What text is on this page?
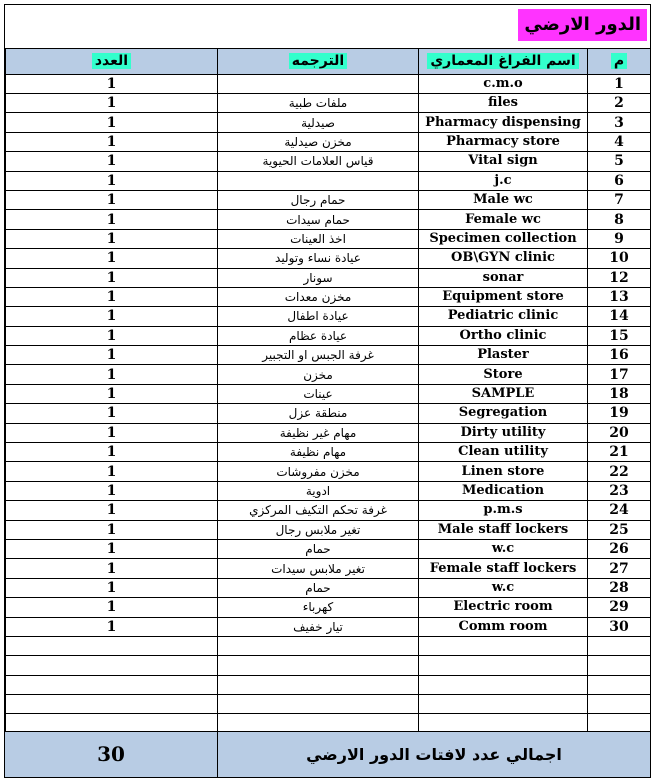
الدور الارضي
العدد	الترجمه	اسم الفراغ المعماري	م
1		c.m.o	1
1	ملفات طبية	files	2
1	صيدلية	Pharmacy dispensing	3
1	مخزن صيدلية	Pharmacy store	4
1	قياس العلامات الحيوية	Vital sign	5
1		j.c	6
1	حمام رجال	Male wc	7
1	حمام سيدات	Female wc	8
1	اخذ العينات	Specimen collection	9
1	عيادة نساء وتوليد	OB\GYN clinic	10
1	سونار	sonar	12
1	مخزن معدات	Equipment store	13
1	عيادة اطفال	Pediatric clinic	14
1	عيادة عظام	Ortho clinic	15
1	غرفة الجبس او التجبير	Plaster	16
1	مخزن	Store	17
1	عينات	SAMPLE	18
1	منطقة عزل	Segregation	19
1	مهام غير نظيفة	Dirty utility	20
1	مهام نظيفة	Clean utility	21
1	مخزن مفروشات	Linen store	22
1	ادوية	Medication	23
1	غرفة تحكم التكيف المركزي	p.m.s	24
1	تغير ملابس رجال	Male staff lockers	25
1	حمام	w.c	26
1	تغير ملابس سيدات	Female staff lockers	27
1	حمام	w.c	28
1	كهرباء	Electric room	29
1	تيار خفيف	Comm room	30

30	اجمالي عدد لافتات الدور الارضي
